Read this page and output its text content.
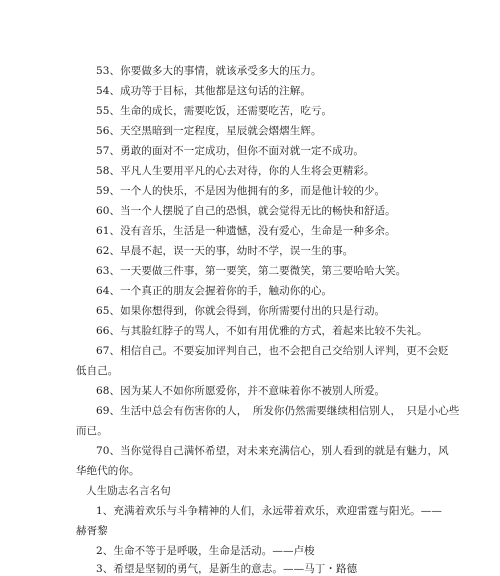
53、你要做多大的事情，就该承受多大的压力。
54、成功等于目标，其他都是这句话的注解。
55、生命的成长，需要吃饭，还需要吃苦，吃亏。
56、天空黑暗到一定程度，星辰就会熠熠生辉。
57、勇敢的面对不一定成功，但你不面对就一定不成功。
58、平凡人生要用平凡的心去对待，你的人生将会更精彩。
59、一个人的快乐，不是因为他拥有的多，而是他计较的少。
60、当一个人摆脱了自己的恐惧，就会觉得无比的畅快和舒适。
61、没有音乐，生活是一种遗憾，没有爱心，生命是一种多余。
62、早晨不起，误一天的事，幼时不学，误一生的事。
63、一天要做三件事，第一要笑，第二要微笑，第三要哈哈大笑。
64、一个真正的朋友会握着你的手，触动你的心。
65、如果你想得到，你就会得到，你所需要付出的只是行动。
66、与其脸红脖子的骂人，不如有用优雅的方式，着起来比较不失礼。
67、相信自己。不要妄加评判自己，也不会把自己交给别人评判，更不会贬
低自己。
68、因为某人不如你所愿爱你，并不意味着你不被别人所爱。
69、生活中总会有伤害你的人，　所发你仍然需要继续相信别人，　只是小心些
而已。
70、当你觉得自己满怀希望，对未来充满信心，别人看到的就是有魅力，风
华绝代的你。
人生励志名言名句
1、充满着欢乐与斗争精神的人们，永远带着欢乐，欢迎雷霆与阳光。——
赫胥黎
2、生命不等于是呼吸，生命是活动。——卢梭
3、希望是坚韧的勇气，是新生的意志。——马丁・路德
